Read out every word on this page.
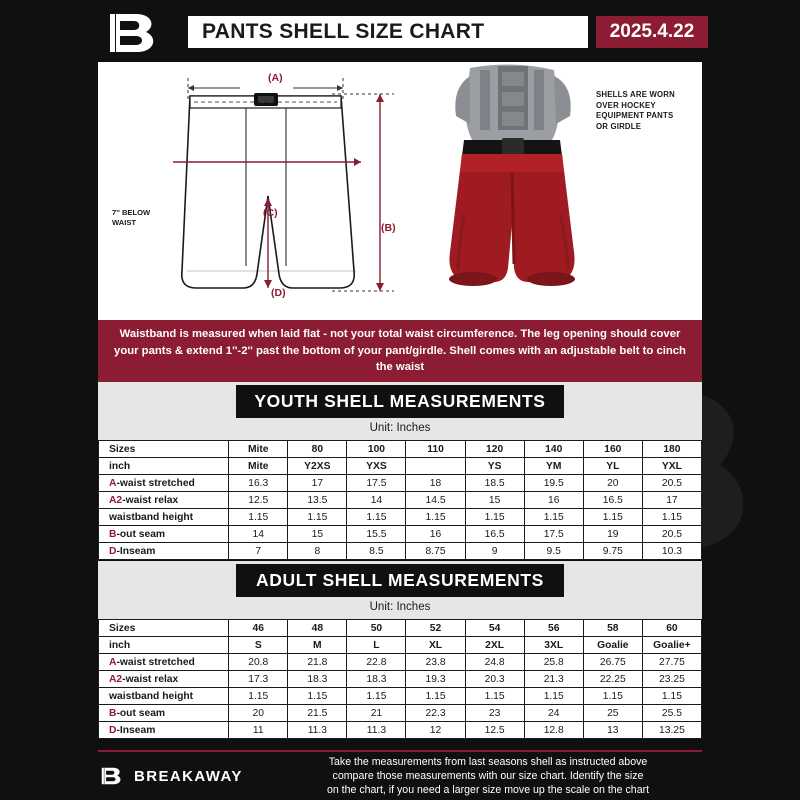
PANTS SHELL SIZE CHART	2025.4.22
(A)
(B)
(C)
(D)
7'' BELOW
WAIST
SHELLS ARE WORN
OVER HOCKEY
EQUIPMENT PANTS
OR GIRDLE
Waistband is measured when laid flat - not your total waist circumference. The leg opening should cover your pants & extend 1''-2'' past the bottom of your pant/girdle. Shell comes with an adjustable belt to cinch the waist
YOUTH SHELL MEASUREMENTS
Unit: Inches
Sizes	Mite	80	100	110	120	140	160	180
inch	Mite	Y2XS	YXS		YS	YM	YL	YXL
A-waist stretched	16.3	17	17.5	18	18.5	19.5	20	20.5
A2-waist relax	12.5	13.5	14	14.5	15	16	16.5	17
waistband height	1.15	1.15	1.15	1.15	1.15	1.15	1.15	1.15
B-out seam	14	15	15.5	16	16.5	17.5	19	20.5
D-Inseam	7	8	8.5	8.75	9	9.5	9.75	10.3
ADULT SHELL MEASUREMENTS
Unit: Inches
Sizes	46	48	50	52	54	56	58	60
inch	S	M	L	XL	2XL	3XL	Goalie	Goalie+
A-waist stretched	20.8	21.8	22.8	23.8	24.8	25.8	26.75	27.75
A2-waist relax	17.3	18.3	18.3	19.3	20.3	21.3	22.25	23.25
waistband height	1.15	1.15	1.15	1.15	1.15	1.15	1.15	1.15
B-out seam	20	21.5	21	22.3	23	24	25	25.5
D-Inseam	11	11.3	11.3	12	12.5	12.8	13	13.25
BREAKAWAY
Take the measurements from last seasons shell as instructed above
compare those measurements with our size chart. Identify the size
on the chart, if you need a larger size move up the scale on the chart
